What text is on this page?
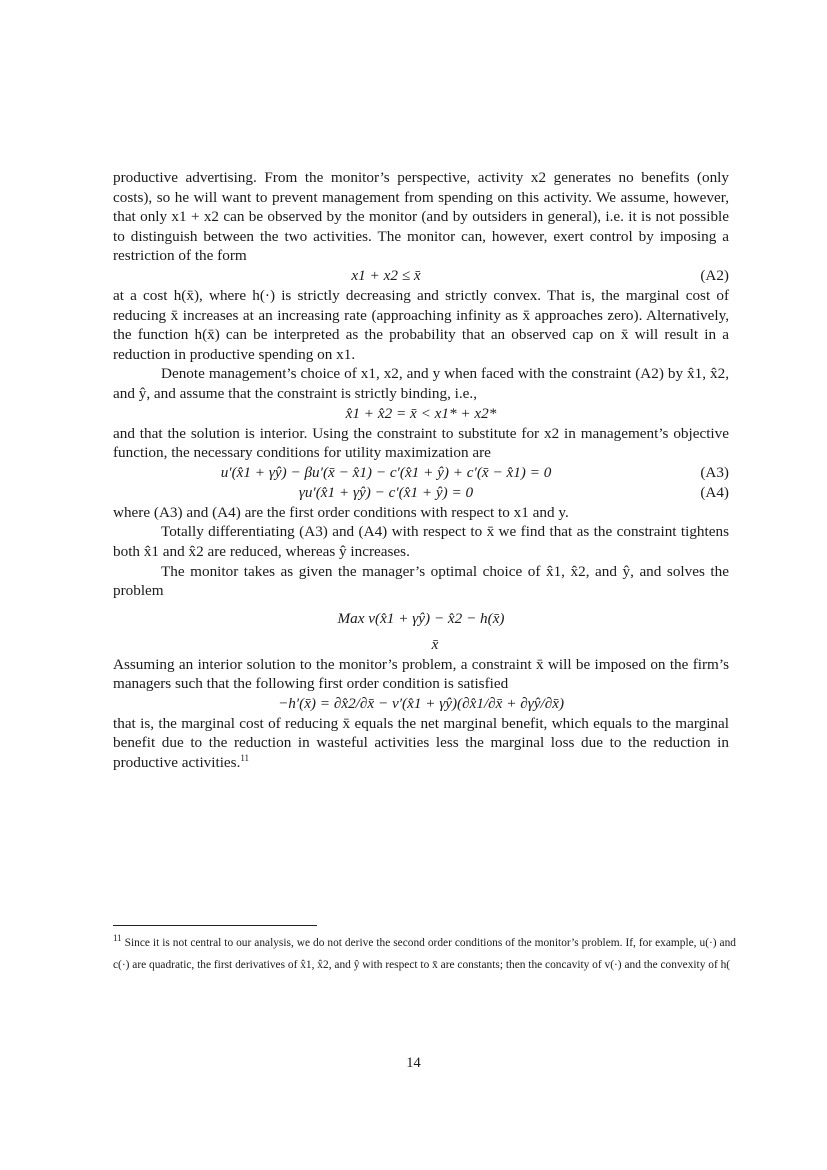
productive advertising. From the monitor’s perspective, activity x2 generates no benefits (only costs), so he will want to prevent management from spending on this activity. We assume, however, that only x1 + x2 can be observed by the monitor (and by outsiders in general), i.e. it is not possible to distinguish between the two activities. The monitor can, however, exert control by imposing a restriction of the form

x1 + x2 ≤ x̄	(A2)

at a cost h(x̄), where h(·) is strictly decreasing and strictly convex. That is, the marginal cost of reducing x̄ increases at an increasing rate (approaching infinity as x̄ approaches zero). Alternatively, the function h(x̄) can be interpreted as the probability that an observed cap on x̄ will result in a reduction in productive spending on x1.

Denote management’s choice of x1, x2, and y when faced with the constraint (A2) by x̂1, x̂2, and ŷ, and assume that the constraint is strictly binding, i.e.,

x̂1 + x̂2 = x̄ < x1* + x2*

and that the solution is interior. Using the constraint to substitute for x2 in management’s objective function, the necessary conditions for utility maximization are

u′(x̂1 + γŷ) − βu′(x̄ − x̂1) − c′(x̂1 + ŷ) + c′(x̄ − x̂1) = 0	(A3)
γu′(x̂1 + γŷ) − c′(x̂1 + ŷ) = 0	(A4)

where (A3) and (A4) are the first order conditions with respect to x1 and y.

Totally differentiating (A3) and (A4) with respect to x̄ we find that as the constraint tightens both x̂1 and x̂2 are reduced, whereas ŷ increases.

The monitor takes as given the manager’s optimal choice of x̂1, x̂2, and ŷ, and solves the problem

Max v(x̂1 + γŷ) − x̂2 − h(x̄)
x̄

Assuming an interior solution to the monitor’s problem, a constraint x̄ will be imposed on the firm’s managers such that the following first order condition is satisfied

−h′(x̄) = ∂x̂2/∂x̄ − v′(x̂1 + γŷ)(∂x̂1/∂x̄ + ∂γŷ/∂x̄)

that is, the marginal cost of reducing x̄ equals the net marginal benefit, which equals to the marginal benefit due to the reduction in wasteful activities less the marginal loss due to the reduction in productive activities.$^{11}$

$^{11}$ Since it is not central to our analysis, we do not derive the second order conditions of the monitor’s problem. If, for example, u(·) and c(·) are quadratic, the first derivatives of x̂1, x̂2, and ŷ with respect to x̄ are constants; then the concavity of v(·) and the convexity of h(
14
